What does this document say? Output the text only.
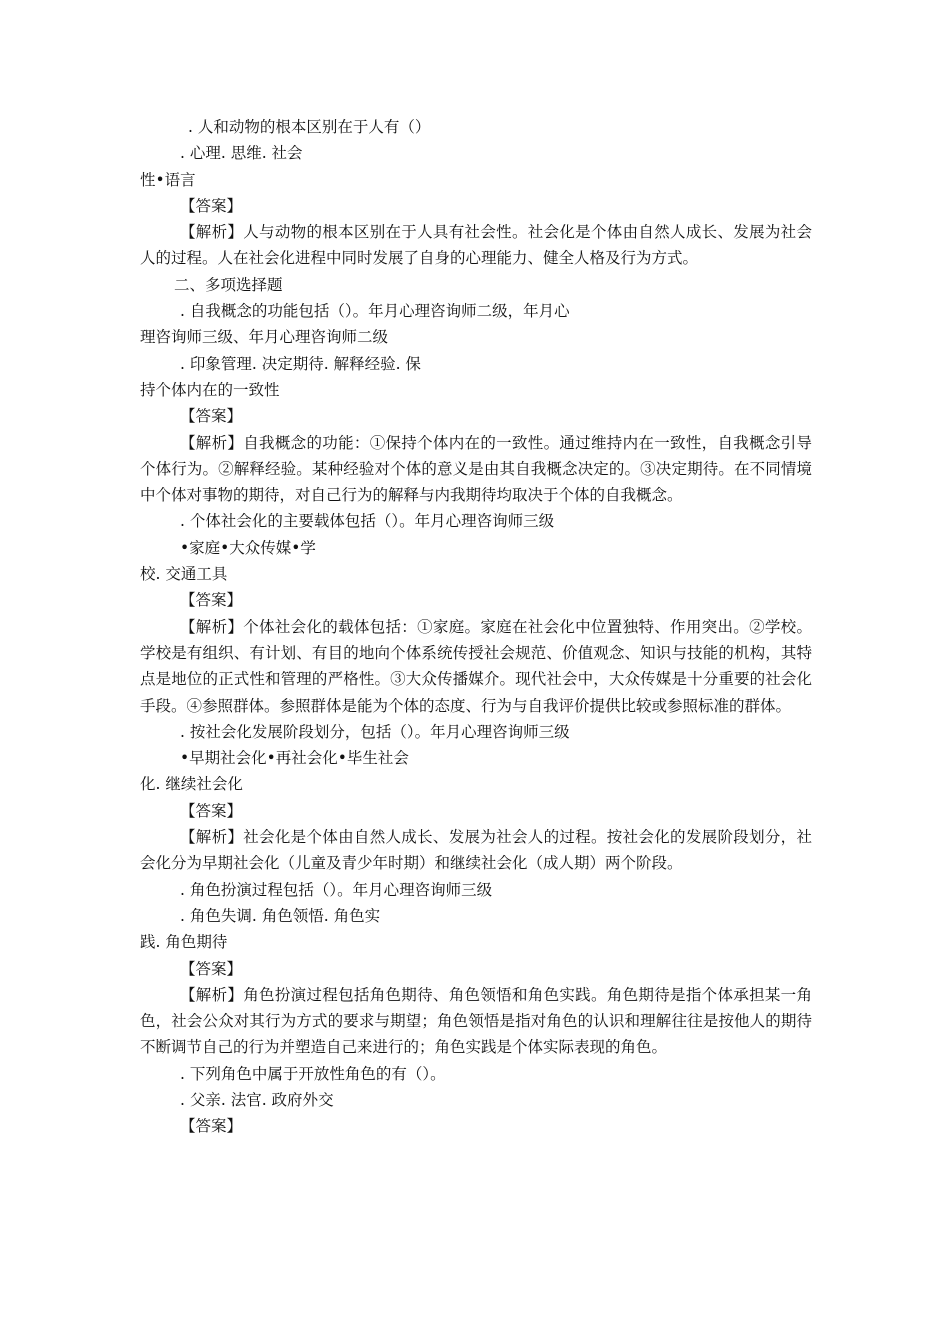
. 人和动物的根本区别在于人有（）

. 心理. 思维. 社会

性•语言

【答案】

【解析】人与动物的根本区别在于人具有社会性。社会化是个体由自然人成长、发展为社会人的过程。人在社会化进程中同时发展了自身的心理能力、健全人格及行为方式。

二、多项选择题

. 自我概念的功能包括（）。年月心理咨询师二级，年月心

理咨询师三级、年月心理咨询师二级

. 印象管理. 决定期待. 解释经验. 保

持个体内在的一致性

【答案】

【解析】自我概念的功能：①保持个体内在的一致性。通过维持内在一致性，自我概念引导个体行为。②解释经验。某种经验对个体的意义是由其自我概念决定的。③决定期待。在不同情境中个体对事物的期待，对自己行为的解释与内我期待均取决于个体的自我概念。

. 个体社会化的主要载体包括（）。年月心理咨询师三级

•家庭•大众传媒•学

校. 交通工具

【答案】

【解析】个体社会化的载体包括：①家庭。家庭在社会化中位置独特、作用突出。②学校。学校是有组织、有计划、有目的地向个体系统传授社会规范、价值观念、知识与技能的机构，其特点是地位的正式性和管理的严格性。③大众传播媒介。现代社会中，大众传媒是十分重要的社会化手段。④参照群体。参照群体是能为个体的态度、行为与自我评价提供比较或参照标准的群体。

. 按社会化发展阶段划分，包括（）。年月心理咨询师三级

•早期社会化•再社会化•毕生社会

化. 继续社会化

【答案】

【解析】社会化是个体由自然人成长、发展为社会人的过程。按社会化的发展阶段划分，社会化分为早期社会化（儿童及青少年时期）和继续社会化（成人期）两个阶段。

. 角色扮演过程包括（）。年月心理咨询师三级

. 角色失调. 角色领悟. 角色实

践. 角色期待

【答案】

【解析】角色扮演过程包括角色期待、角色领悟和角色实践。角色期待是指个体承担某一角色，社会公众对其行为方式的要求与期望；角色领悟是指对角色的认识和理解往往是按他人的期待不断调节自己的行为并塑造自己来进行的；角色实践是个体实际表现的角色。

. 下列角色中属于开放性角色的有（）。

. 父亲. 法官. 政府外交

【答案】
